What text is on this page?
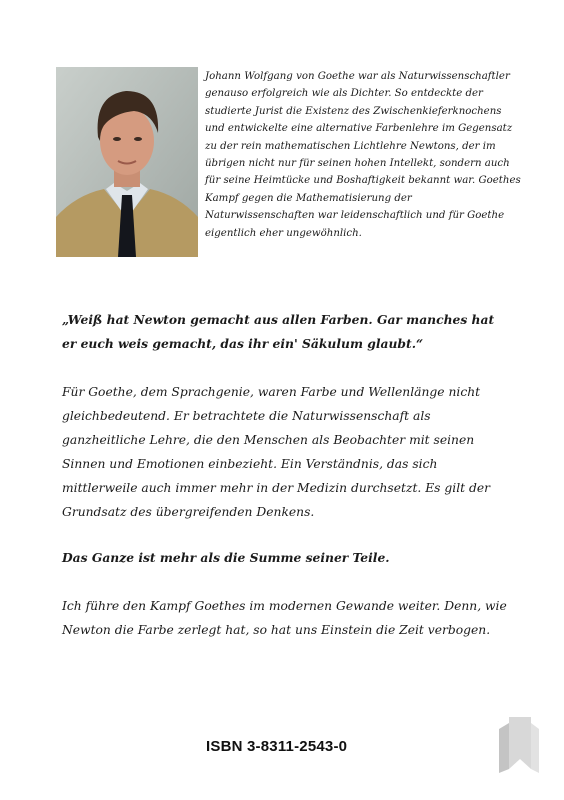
Johann Wolfgang von Goethe war als Naturwissenschaftler genauso erfolgreich wie als Dichter. So entdeckte der studierte Jurist die Existenz des Zwischenkieferknochens und entwickelte eine alternative Farbenlehre im Gegensatz zu der rein mathematischen Lichtlehre Newtons, der im übrigen nicht nur für seinen hohen Intellekt, sondern auch für seine Heimtücke und Boshaftigkeit bekannt war. Goethes Kampf gegen die Mathematisierung der Naturwissenschaften war leidenschaftlich und für Goethe eigentlich eher ungewöhnlich.

„Weiß hat Newton gemacht aus allen Farben. Gar manches hat er euch weis gemacht, das ihr ein' Säkulum glaubt.“

Für Goethe, dem Sprachgenie, waren Farbe und Wellenlänge nicht gleichbedeutend. Er betrachtete die Naturwissenschaft als ganzheitliche Lehre, die den Menschen als Beobachter mit seinen Sinnen und Emotionen einbezieht. Ein Verständnis, das sich mittlerweile auch immer mehr in der Medizin durchsetzt. Es gilt der Grundsatz des übergreifenden Denkens.

Das Ganze ist mehr als die Summe seiner Teile.

Ich führe den Kampf Goethes im modernen Gewande weiter. Denn, wie Newton die Farbe zerlegt hat, so hat uns Einstein die Zeit verbogen.

ISBN 3-8311-2543-0
